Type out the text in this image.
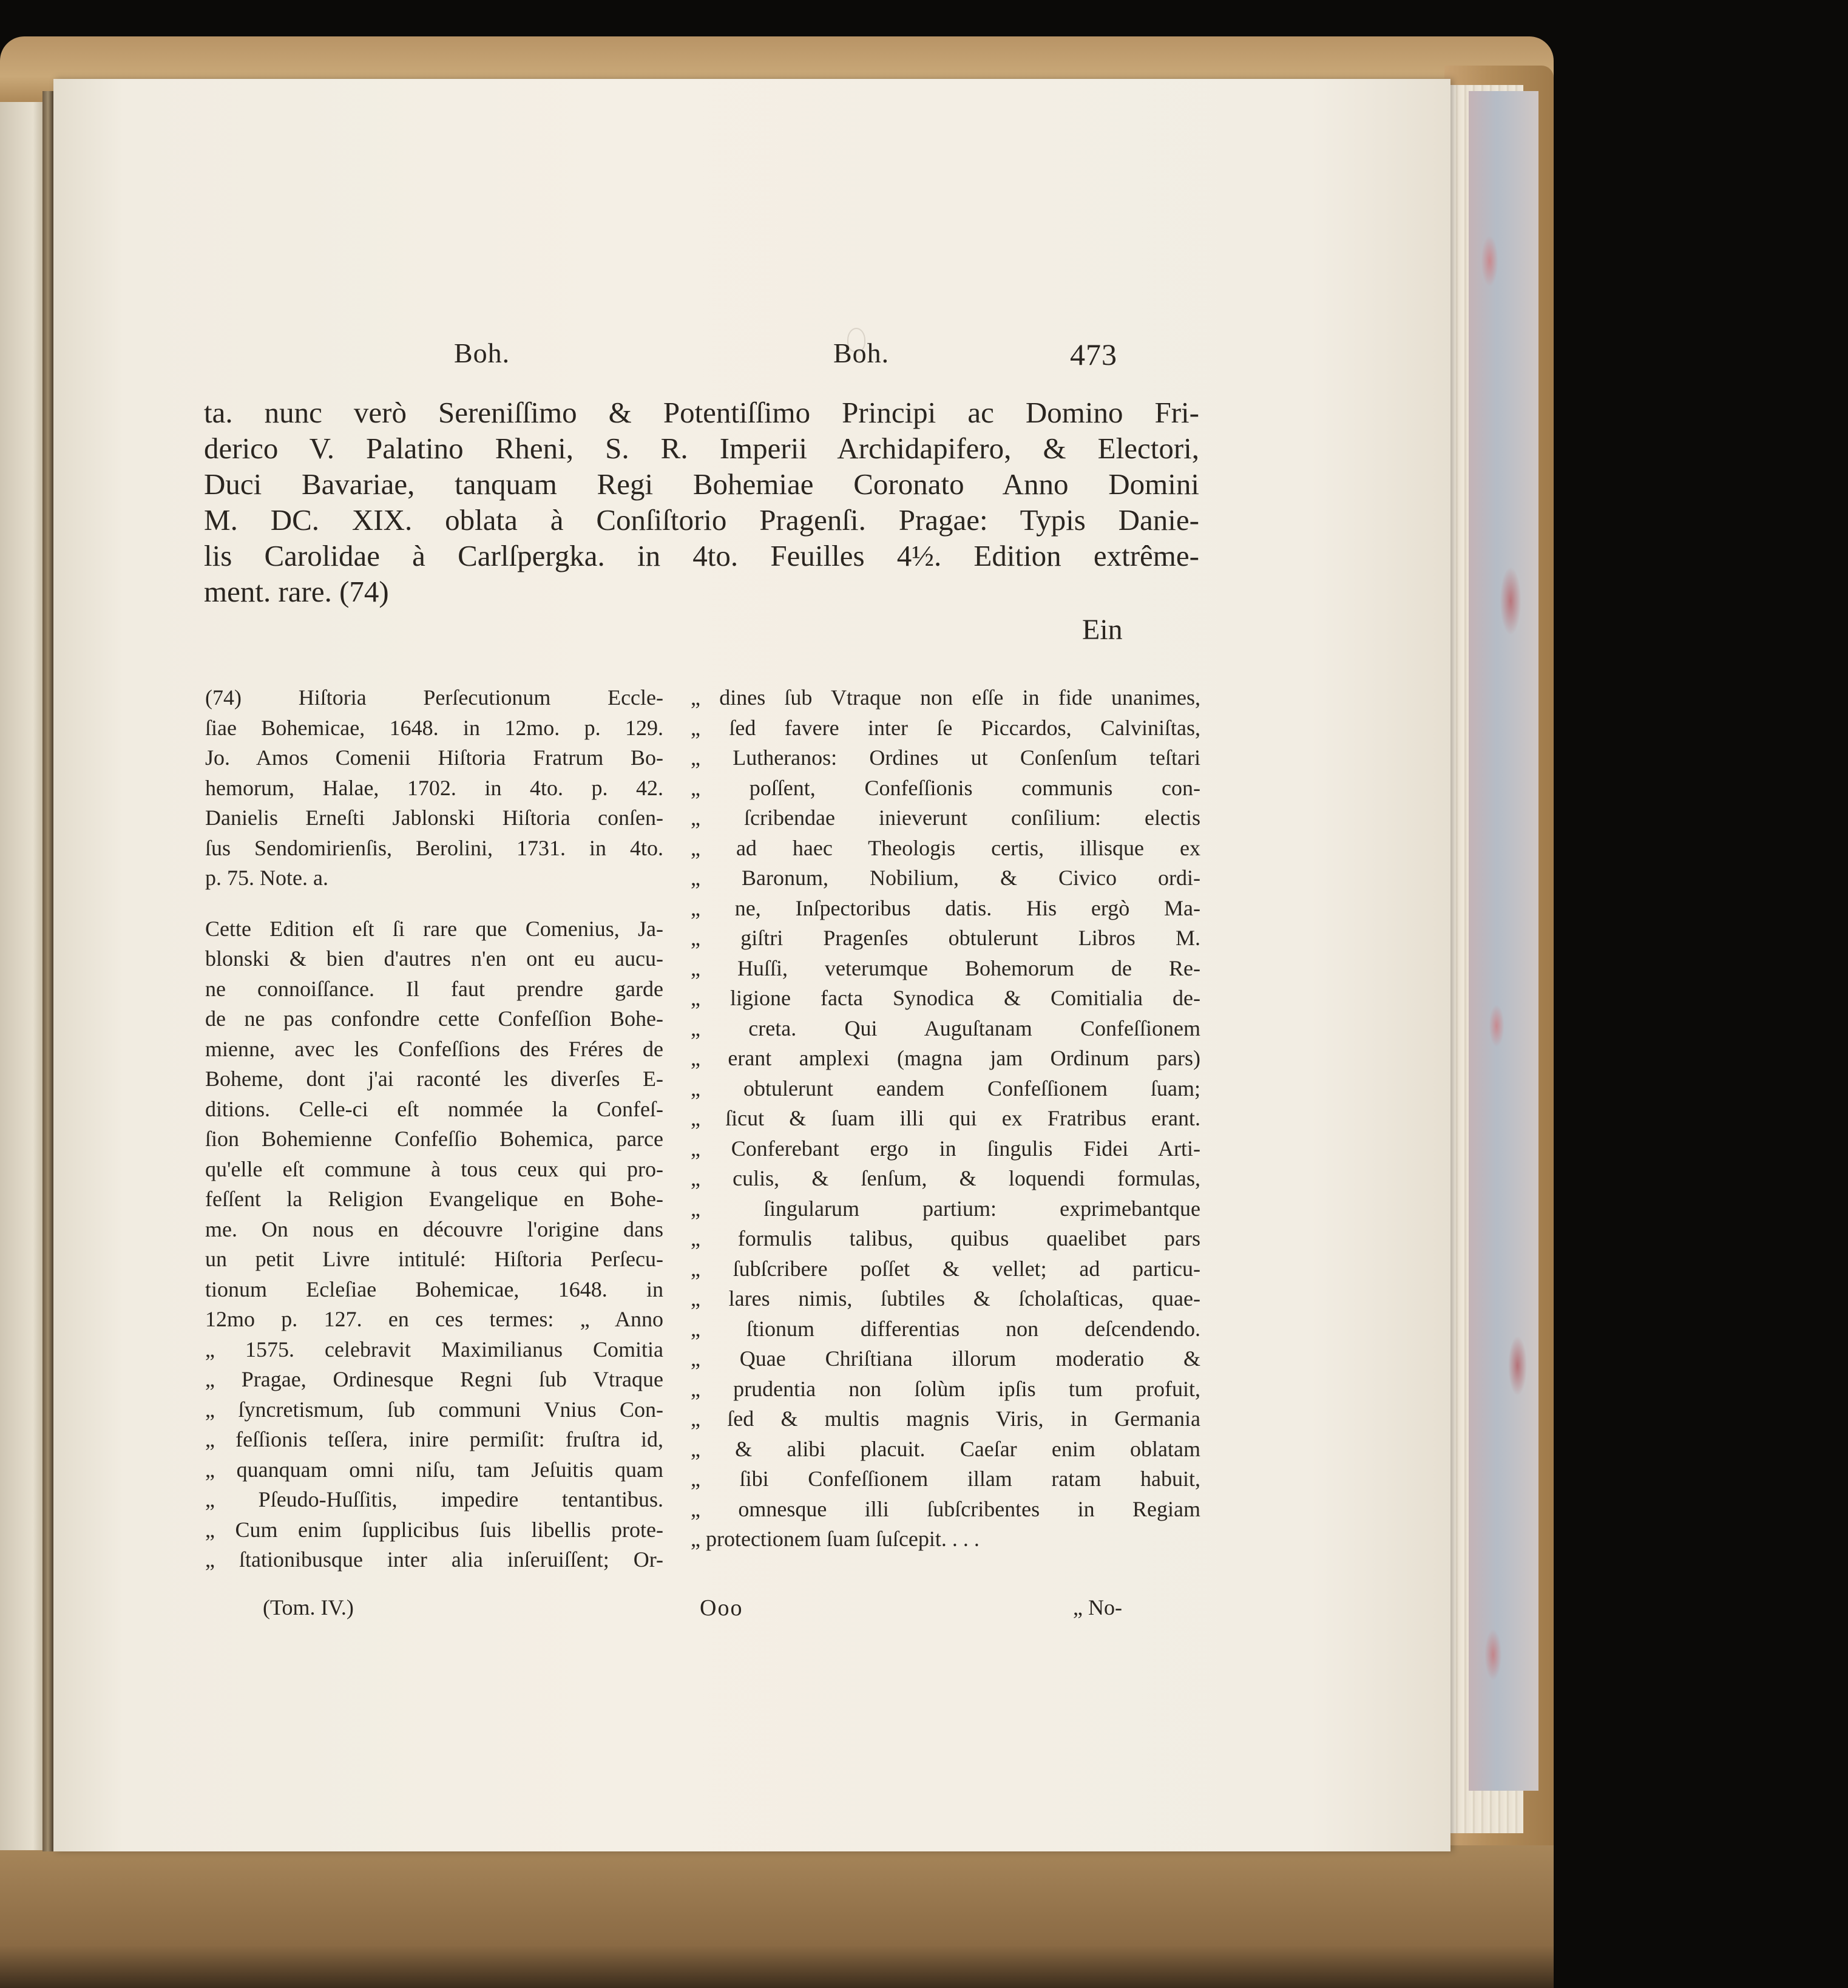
Boh.	Boh.	473
ta. nunc verò Sereniſſimo & Potentiſſimo Principi ac Domino Fri-
derico V. Palatino Rheni, S. R. Imperii Archidapifero, & Electori,
Duci Bavariae, tanquam Regi Bohemiae Coronato Anno Domini
M. DC. XIX. oblata à Conſiſtorio Pragenſi. Pragae: Typis Danie-
lis Carolidae à Carlſpergka. in 4to. Feuilles 4½. Edition extrême-
ment. rare. (74)
Ein
(74) Hiſtoria Perſecutionum Eccle-
ſiae Bohemicae, 1648. in 12mo. p. 129.
Jo. Amos Comenii Hiſtoria Fratrum Bo-
hemorum, Halae, 1702. in 4to. p. 42.
Danielis Erneſti Jablonski Hiſtoria conſen-
ſus Sendomirienſis, Berolini, 1731. in 4to.
p. 75. Note. a.
Cette Edition eſt ſi rare que Comenius, Ja-
blonski & bien d'autres n'en ont eu aucu-
ne connoiſſance. Il faut prendre garde
de ne pas confondre cette Confeſſion Bohe-
mienne, avec les Confeſſions des Fréres de
Boheme, dont j'ai raconté les diverſes E-
ditions. Celle-ci eſt nommée la Confeſ-
ſion Bohemienne Confeſſio Bohemica, parce
qu'elle eſt commune à tous ceux qui pro-
feſſent la Religion Evangelique en Bohe-
me. On nous en découvre l'origine dans
un petit Livre intitulé: Hiſtoria Perſecu-
tionum Ecleſiae Bohemicae, 1648. in
12mo p. 127. en ces termes: „ Anno
„ 1575. celebravit Maximilianus Comitia
„ Pragae, Ordinesque Regni ſub Vtraque
„ ſyncretismum, ſub communi Vnius Con-
„ feſſionis teſſera, inire permiſit: fruſtra id,
„ quanquam omni niſu, tam Jeſuitis quam
„ Pſeudo-Huſſitis, impedire tentantibus.
„ Cum enim ſupplicibus ſuis libellis prote-
„ ſtationibusque inter alia inſeruiſſent; Or-
„ dines ſub Vtraque non eſſe in fide unanimes,
„ ſed favere inter ſe Piccardos, Calviniſtas,
„ Lutheranos: Ordines ut Conſenſum teſtari
„ poſſent, Confeſſionis communis con-
„ ſcribendae inieverunt conſilium: electis
„ ad haec Theologis certis, illisque ex
„ Baronum, Nobilium, & Civico ordi-
„ ne, Inſpectoribus datis. His ergò Ma-
„ giſtri Pragenſes obtulerunt Libros M.
„ Huſſi, veterumque Bohemorum de Re-
„ ligione facta Synodica & Comitialia de-
„ creta. Qui Auguſtanam Confeſſionem
„ erant amplexi (magna jam Ordinum pars)
„ obtulerunt eandem Confeſſionem ſuam;
„ ſicut & ſuam illi qui ex Fratribus erant.
„ Conferebant ergo in ſingulis Fidei Arti-
„ culis, & ſenſum, & loquendi formulas,
„ ſingularum partium: exprimebantque
„ formulis talibus, quibus quaelibet pars
„ ſubſcribere poſſet & vellet; ad particu-
„ lares nimis, ſubtiles & ſcholaſticas, quae-
„ ſtionum differentias non deſcendendo.
„ Quae Chriſtiana illorum moderatio &
„ prudentia non ſolùm ipſis tum profuit,
„ ſed & multis magnis Viris, in Germania
„ & alibi placuit. Caeſar enim oblatam
„ ſibi Confeſſionem illam ratam habuit,
„ omnesque illi ſubſcribentes in Regiam
„ protectionem ſuam ſuſcepit. . . .
(Tom. IV.)	Ooo	„ No-
